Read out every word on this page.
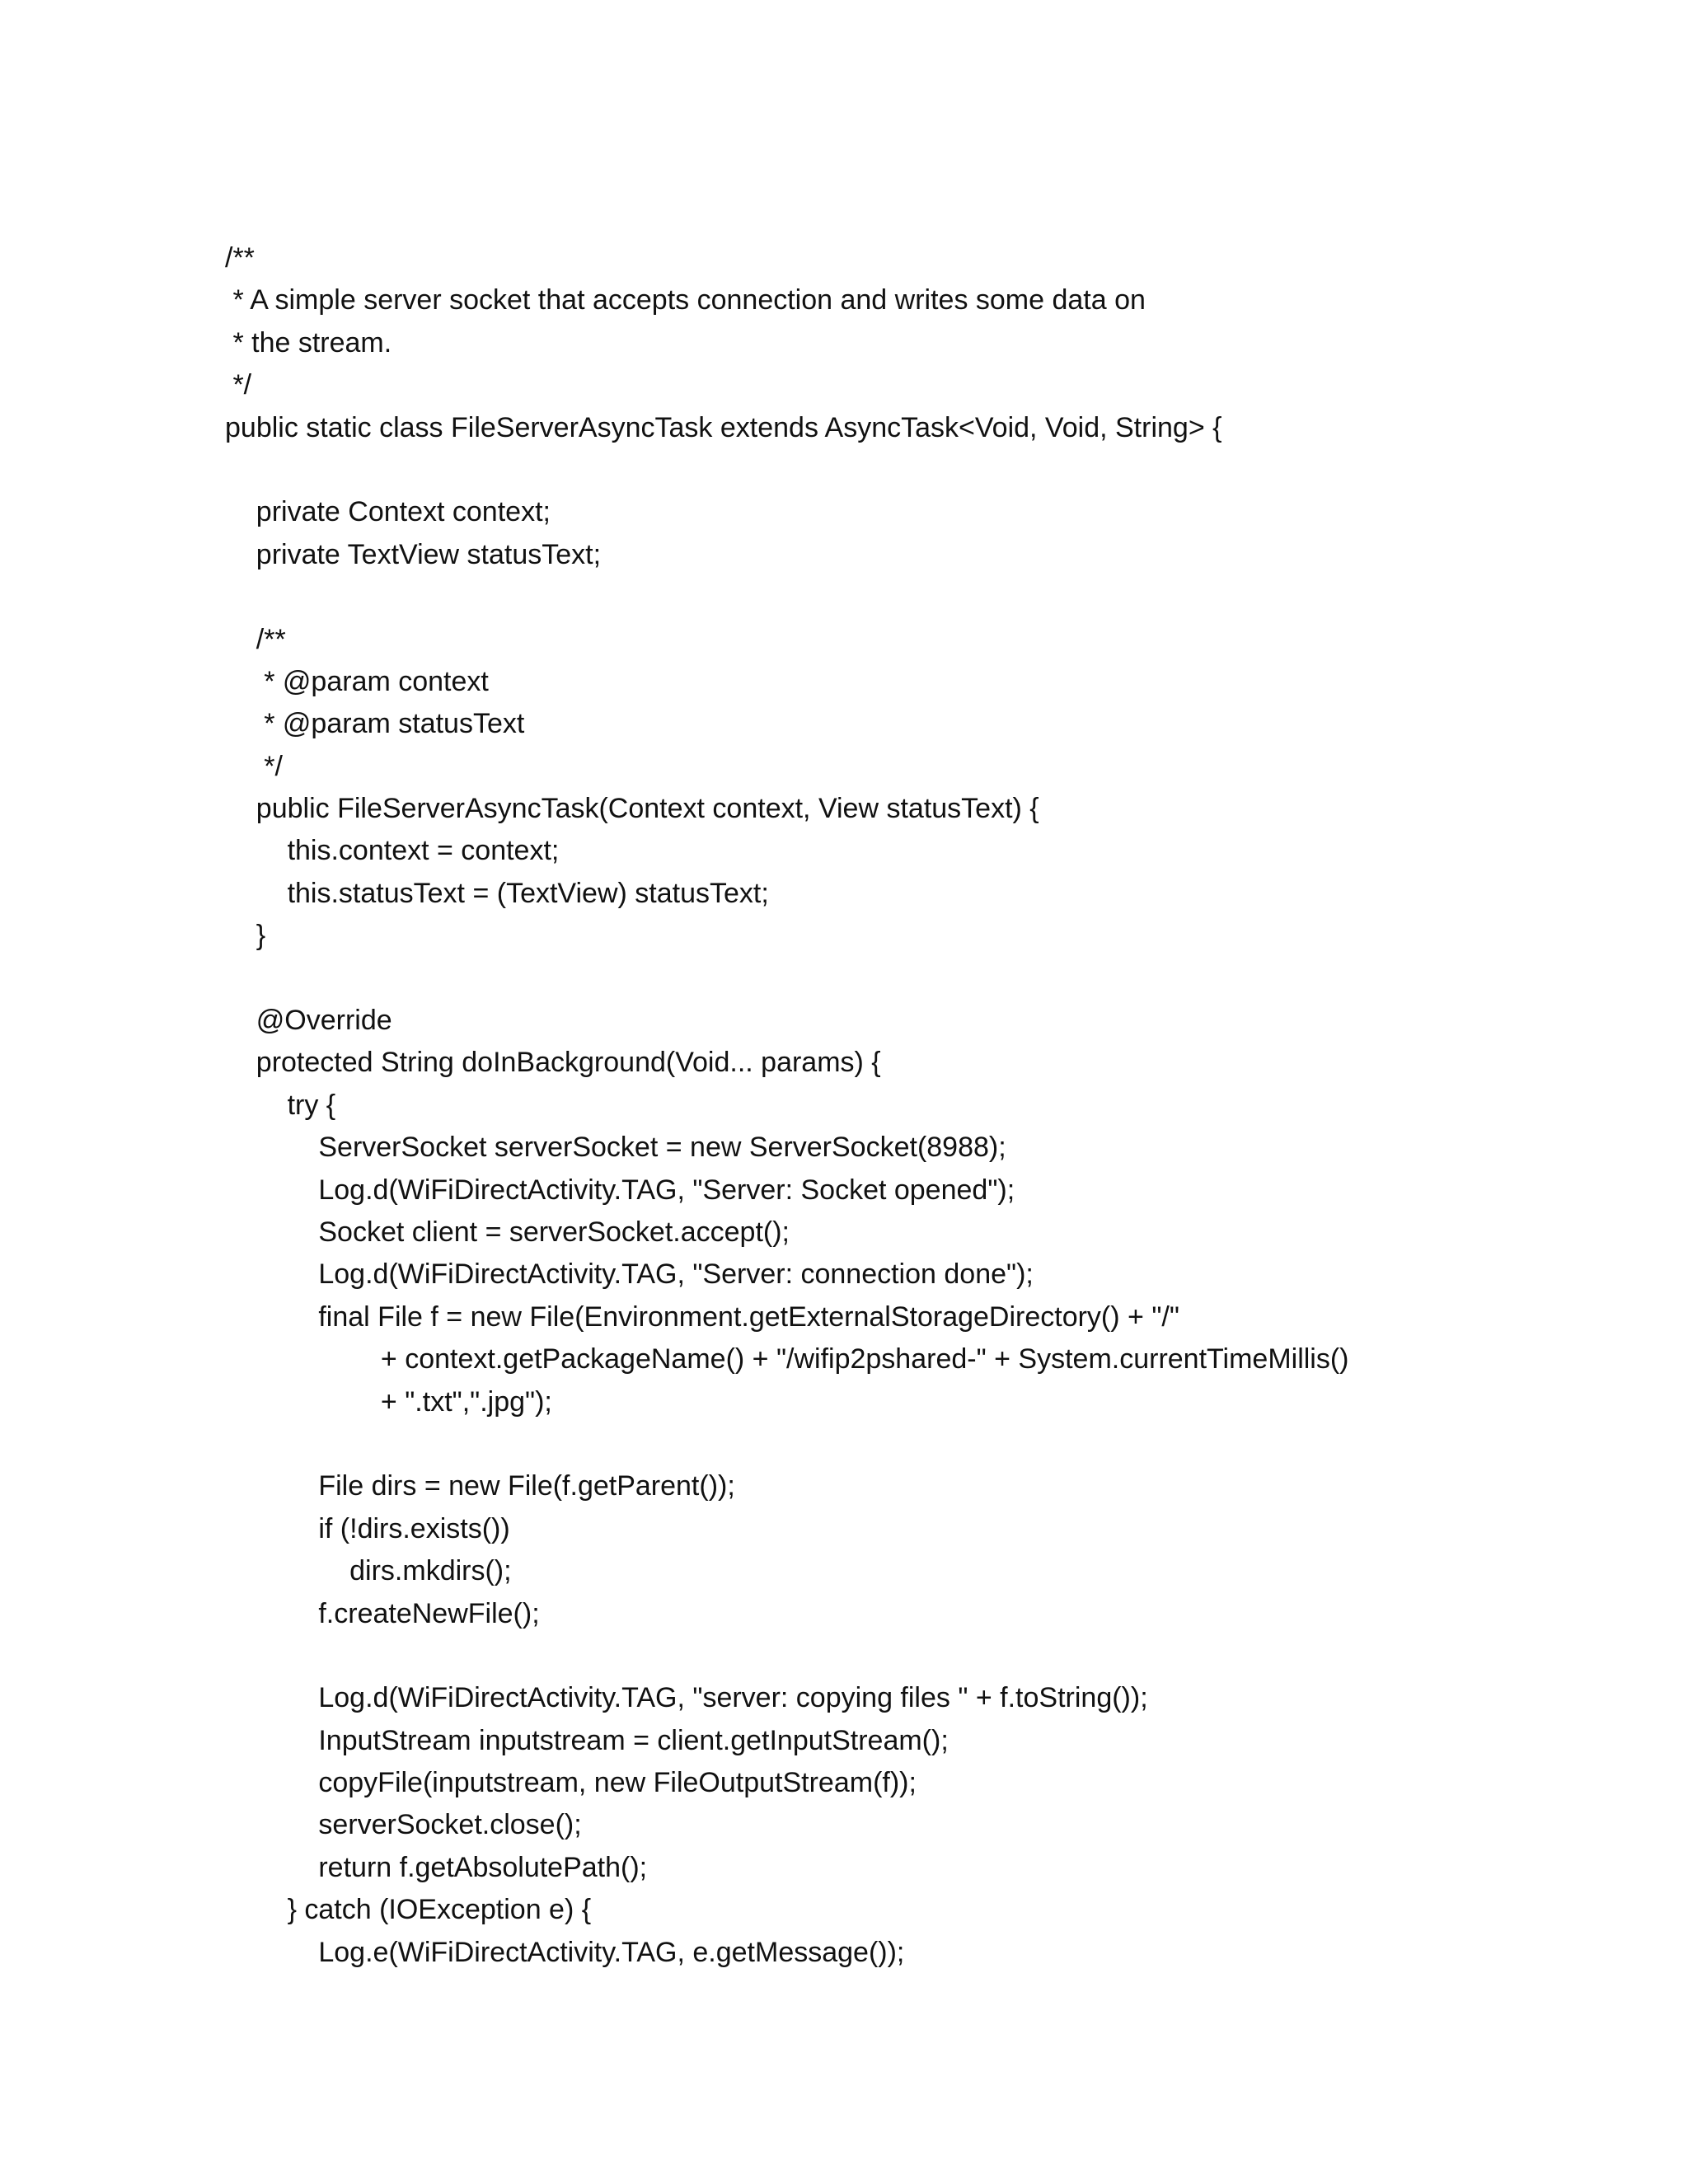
/**
* A simple server socket that accepts connection and writes some data on
* the stream.
*/
public static class FileServerAsyncTask extends AsyncTask<Void, Void, String> {
private Context context;
private TextView statusText;
/**
* @param context
* @param statusText
*/
public FileServerAsyncTask(Context context, View statusText) {
this.context = context;
this.statusText = (TextView) statusText;
}
@Override
protected String doInBackground(Void... params) {
try {
ServerSocket serverSocket = new ServerSocket(8988);
Log.d(WiFiDirectActivity.TAG, "Server: Socket opened");
Socket client = serverSocket.accept();
Log.d(WiFiDirectActivity.TAG, "Server: connection done");
final File f = new File(Environment.getExternalStorageDirectory() + "/"
+ context.getPackageName() + "/wifip2pshared-" + System.currentTimeMillis()
+ ".txt",".jpg");
File dirs = new File(f.getParent());
if (!dirs.exists())
dirs.mkdirs();
f.createNewFile();
Log.d(WiFiDirectActivity.TAG, "server: copying files " + f.toString());
InputStream inputstream = client.getInputStream();
copyFile(inputstream, new FileOutputStream(f));
serverSocket.close();
return f.getAbsolutePath();
} catch (IOException e) {
Log.e(WiFiDirectActivity.TAG, e.getMessage());
